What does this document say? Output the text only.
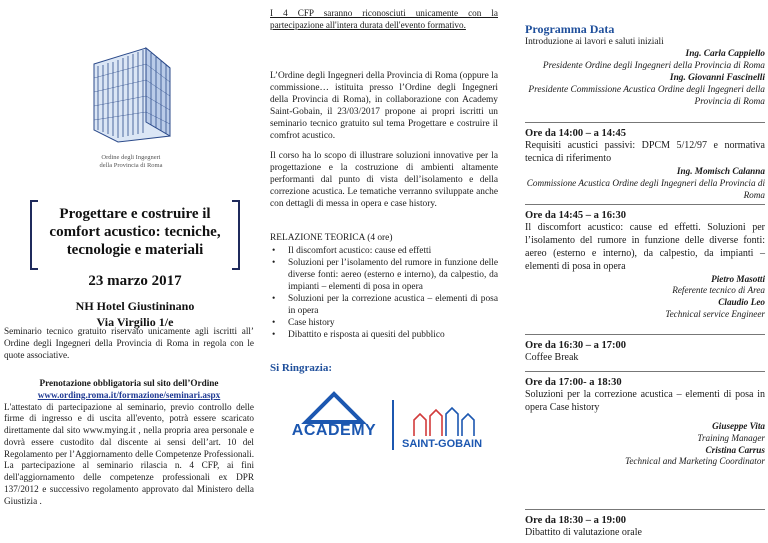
Ordine degli Ingegneri
della Provincia di Roma
Progettare e costruire il comfort acustico: tecniche, tecnologie e materiali
23 marzo 2017
NH Hotel Giustininano
Via Virgilio 1/e
Seminario tecnico gratuito riservato unicamente agli iscritti all’ Ordine degli Ingegneri della Provincia di Roma in regola con le quote associative.
Prenotazione obbligatoria sul sito dell’Ordine
www.ording.roma.it/formazione/seminari.aspx
L'attestato di partecipazione al seminario, previo controllo delle firme di ingresso e di uscita all'evento, potrà essere scaricato direttamente dal sito www.mying.it , nella propria area personale e dovrà essere custodito dal discente ai sensi dell’art. 10 del Regolamento per l’Aggiornamento delle Competenze Professionali. La partecipazione al seminario rilascia n. 4 CFP, ai fini dell'aggiornamento delle competenze professionali ex DPR 137/2012 e successivo regolamento approvato dal Ministero della Giustizia .
I 4 CFP saranno riconosciuti unicamente con la partecipazione all'intera durata dell'evento formativo.
L’Ordine degli Ingegneri della Provincia di Roma (oppure la commissione… istituita presso l’Ordine degli Ingegneri della Provincia di Roma), in collaborazione con Academy Saint-Gobain, il 23/03/2017 propone ai propri iscritti un seminario tecnico gratuito sul tema Progettare e costruire il comfrot acustico.
Il corso ha lo scopo di illustrare soluzioni innovative per la progettazione e la costruzione di ambienti altamente performanti dal punto di vista dell’isolamento e della correzione acustica. Le tematiche verranno sviluppate anche con dettagli di messa in opera e case history.
RELAZIONE TEORICA (4 ore)
• Il discomfort acustico: cause ed effetti
• Soluzioni per l’isolamento del rumore in funzione delle diverse fonti: aereo (esterno e interno), da calpestio, da impianti – elementi di posa in opera
• Soluzioni per la correzione acustica – elementi di posa in opera
• Case history
• Dibattito e risposta ai quesiti del pubblico
Si Ringrazia:
ACADEMY
SAINT-GOBAIN
Programma Data
Introduzione ai lavori e saluti iniziali
Ing. Carla Cappiello
Presidente Ordine degli Ingegneri della Provincia di Roma
Ing. Giovanni Fascinelli
Presidente Commissione Acustica Ordine degli Ingegneri della Provincia di Roma
Ore da 14:00 – a 14:45
Requisiti acustici passivi: DPCM 5/12/97 e normativa tecnica di riferimento
Ing. Momisch Calanna
Commissione Acustica Ordine degli Ingegneri della Provincia di Roma
Ore da 14:45 – a 16:30
Il discomfort acustico: cause ed effetti. Soluzioni per l’isolamento del rumore in funzione delle diverse fonti: aereo (esterno e interno), da calpestio, da impianti – elementi di posa in opera
Pietro Masotti
Referente tecnico di Area
Claudio Leo
Technical service Engineer
Ore da 16:30 – a 17:00
Coffee Break
Ore da 17:00- a 18:30
Soluzioni per la correzione acustica – elementi di posa in opera Case history
Giuseppe Vita
Training Manager
Cristina Carrus
Technical and Marketing Coordinator
Ore da 18:30 – a 19:00
Dibattito di valutazione orale
